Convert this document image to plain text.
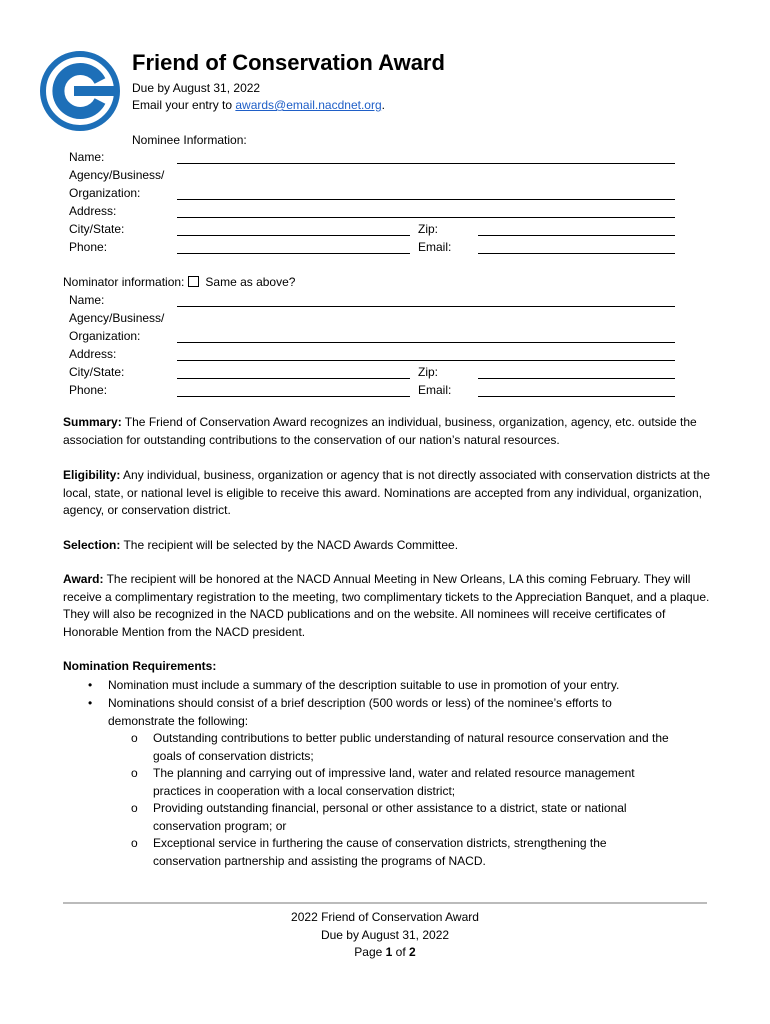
Friend of Conservation Award
Due by August 31, 2022
Email your entry to awards@email.nacdnet.org.
Nominee Information:
Name:
Agency/Business/
Organization:
Address:
City/State:
Phone:
Zip:
Email:
Nominator information: Same as above?
Name:
Agency/Business/
Organization:
Address:
City/State:
Phone:
Zip:
Email:
Summary: The Friend of Conservation Award recognizes an individual, business, organization, agency, etc. outside the association for outstanding contributions to the conservation of our nation’s natural resources.
Eligibility: Any individual, business, organization or agency that is not directly associated with conservation districts at the local, state, or national level is eligible to receive this award. Nominations are accepted from any individual, organization, agency, or conservation district.
Selection: The recipient will be selected by the NACD Awards Committee.
Award: The recipient will be honored at the NACD Annual Meeting in New Orleans, LA this coming February. They will receive a complimentary registration to the meeting, two complimentary tickets to the Appreciation Banquet, and a plaque. They will also be recognized in the NACD publications and on the website. All nominees will receive certificates of Honorable Mention from the NACD president.
Nomination Requirements:
• Nomination must include a summary of the description suitable to use in promotion of your entry.
• Nominations should consist of a brief description (500 words or less) of the nominee’s efforts to demonstrate the following:
o Outstanding contributions to better public understanding of natural resource conservation and the goals of conservation districts;
o The planning and carrying out of impressive land, water and related resource management practices in cooperation with a local conservation district;
o Providing outstanding financial, personal or other assistance to a district, state or national conservation program; or
o Exceptional service in furthering the cause of conservation districts, strengthening the conservation partnership and assisting the programs of NACD.
2022 Friend of Conservation Award
Due by August 31, 2022
Page 1 of 2
